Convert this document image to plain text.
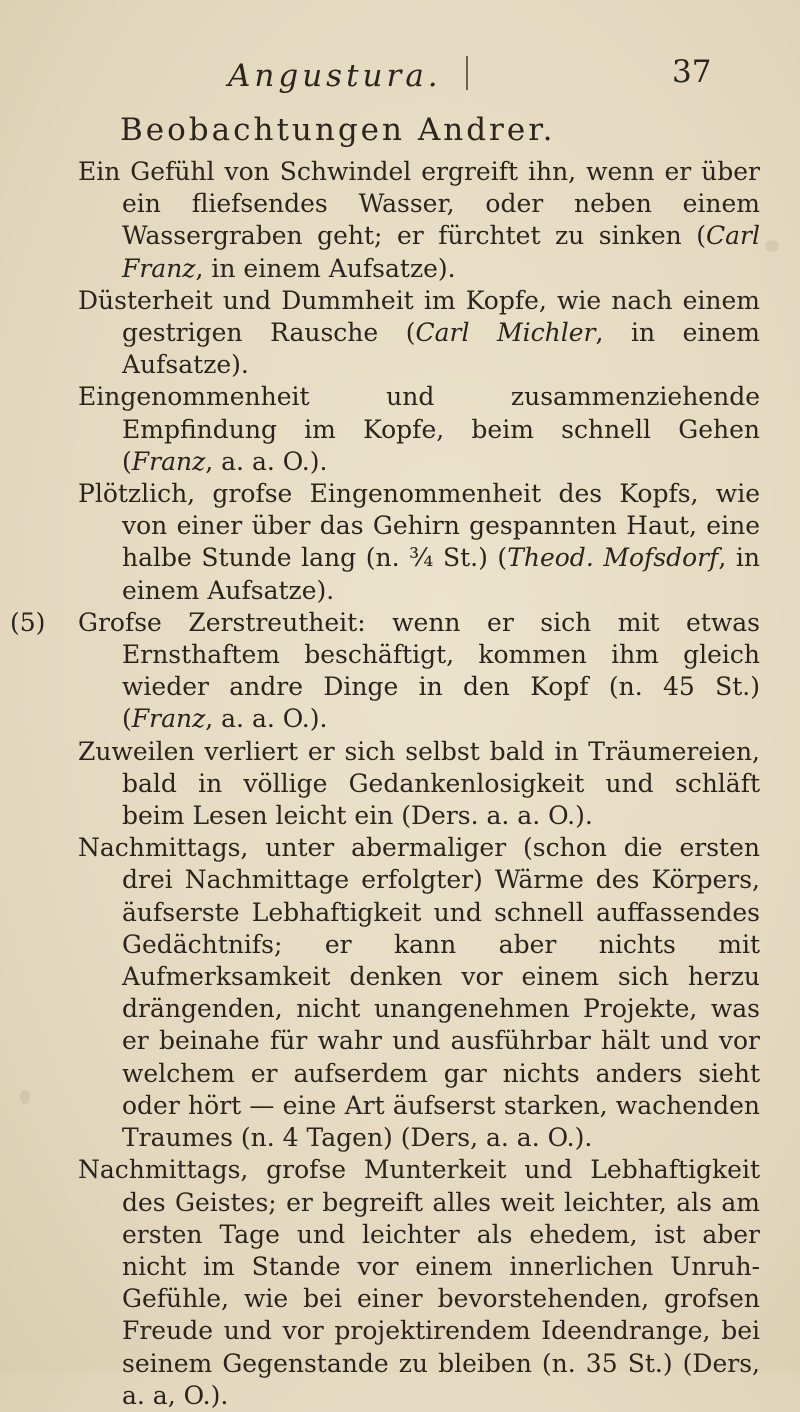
Angustura.	37
Beobachtungen Andrer.

Ein Gefühl von Schwindel ergreift ihn, wenn er über ein fliefsendes Wasser, oder neben einem Wassergraben geht; er fürchtet zu sinken (Carl Franz, in einem Aufsatze).

Düsterheit und Dummheit im Kopfe, wie nach einem gestrigen Rausche (Carl Michler, in einem Aufsatze).

Eingenommenheit und zusammenziehende Empfindung im Kopfe, beim schnell Gehen (Franz, a. a. O.).

Plötzlich, grofse Eingenommenheit des Kopfs, wie von einer über das Gehirn gespannten Haut, eine halbe Stunde lang (n. ¾ St.) (Theod. Mofsdorf, in einem Aufsatze).

(5) Grofse Zerstreutheit: wenn er sich mit etwas Ernsthaftem beschäftigt, kommen ihm gleich wieder andre Dinge in den Kopf (n. 45 St.) (Franz, a. a. O.).

Zuweilen verliert er sich selbst bald in Träumereien, bald in völlige Gedankenlosigkeit und schläft beim Lesen leicht ein (Ders. a. a. O.).

Nachmittags, unter abermaliger (schon die ersten drei Nachmittage erfolgter) Wärme des Körpers, äufserste Lebhaftigkeit und schnell auffassendes Gedächtnifs; er kann aber nichts mit Aufmerksamkeit denken vor einem sich herzu drängenden, nicht unangenehmen Projekte, was er beinahe für wahr und ausführbar hält und vor welchem er aufserdem gar nichts anders sieht oder hört — eine Art äufserst starken, wachenden Traumes (n. 4 Tagen) (Ders, a. a. O.).

Nachmittags, grofse Munterkeit und Lebhaftigkeit des Geistes; er begreift alles weit leichter, als am ersten Tage und leichter als ehedem, ist aber nicht im Stande vor einem innerlichen Unruh-Gefühle, wie bei einer bevorstehenden, grofsen Freude und vor projektirendem Ideendrange, bei seinem Gegenstande zu bleiben (n. 35 St.) (Ders, a. a, O.).
